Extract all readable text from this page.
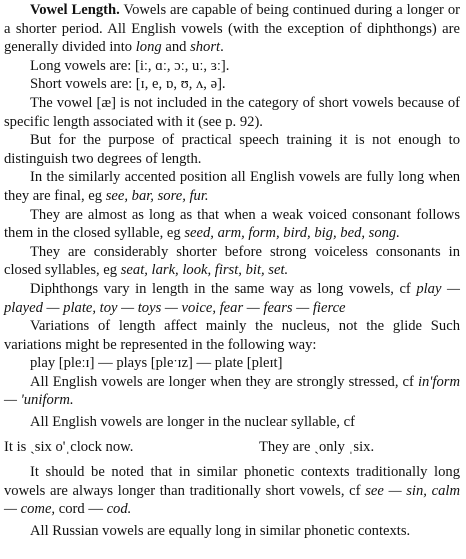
Vowel Length. Vowels are capable of being continued during a longer or a shorter period. All English vowels (with the exception of diphthongs) are generally divided into long and short.

Long vowels are: [iː, ɑː, ɔː, uː, ɜː].

Short vowels are: [ɪ, e, ɒ, ʊ, ʌ, ə].

The vowel [æ] is not included in the category of short vowels because of specific length associated with it (see p. 92).

But for the purpose of practical speech training it is not enough to distinguish two degrees of length.

In the similarly accented position all English vowels are fully long when they are final, eg see, bar, sore, fur.

They are almost as long as that when a weak voiced consonant follows them in the closed syllable, eg seed, arm, form, bird, big, bed, song.

They are considerably shorter before strong voiceless consonants in closed syllables, eg seat, lark, look, first, bit, set.

Diphthongs vary in length in the same way as long vowels, cf play — played — plate, toy — toys — voice, fear — fears — fierce

Variations of length affect mainly the nucleus, not the glide Such variations might be represented in the following way:

play [pleːɪ] — plays [pleˑɪz] — plate [pleɪt]

All English vowels are longer when they are strongly stressed, cf in'form — 'uniform.

All English vowels are longer in the nuclear syllable, cf

It is ˎsix o'ˌclock now.	They are ˎonly ˌsix.

It should be noted that in similar phonetic contexts traditionally long vowels are always longer than traditionally short vowels, cf see — sin, calm — come, cord — cod.

All Russian vowels are equally long in similar phonetic contexts.
